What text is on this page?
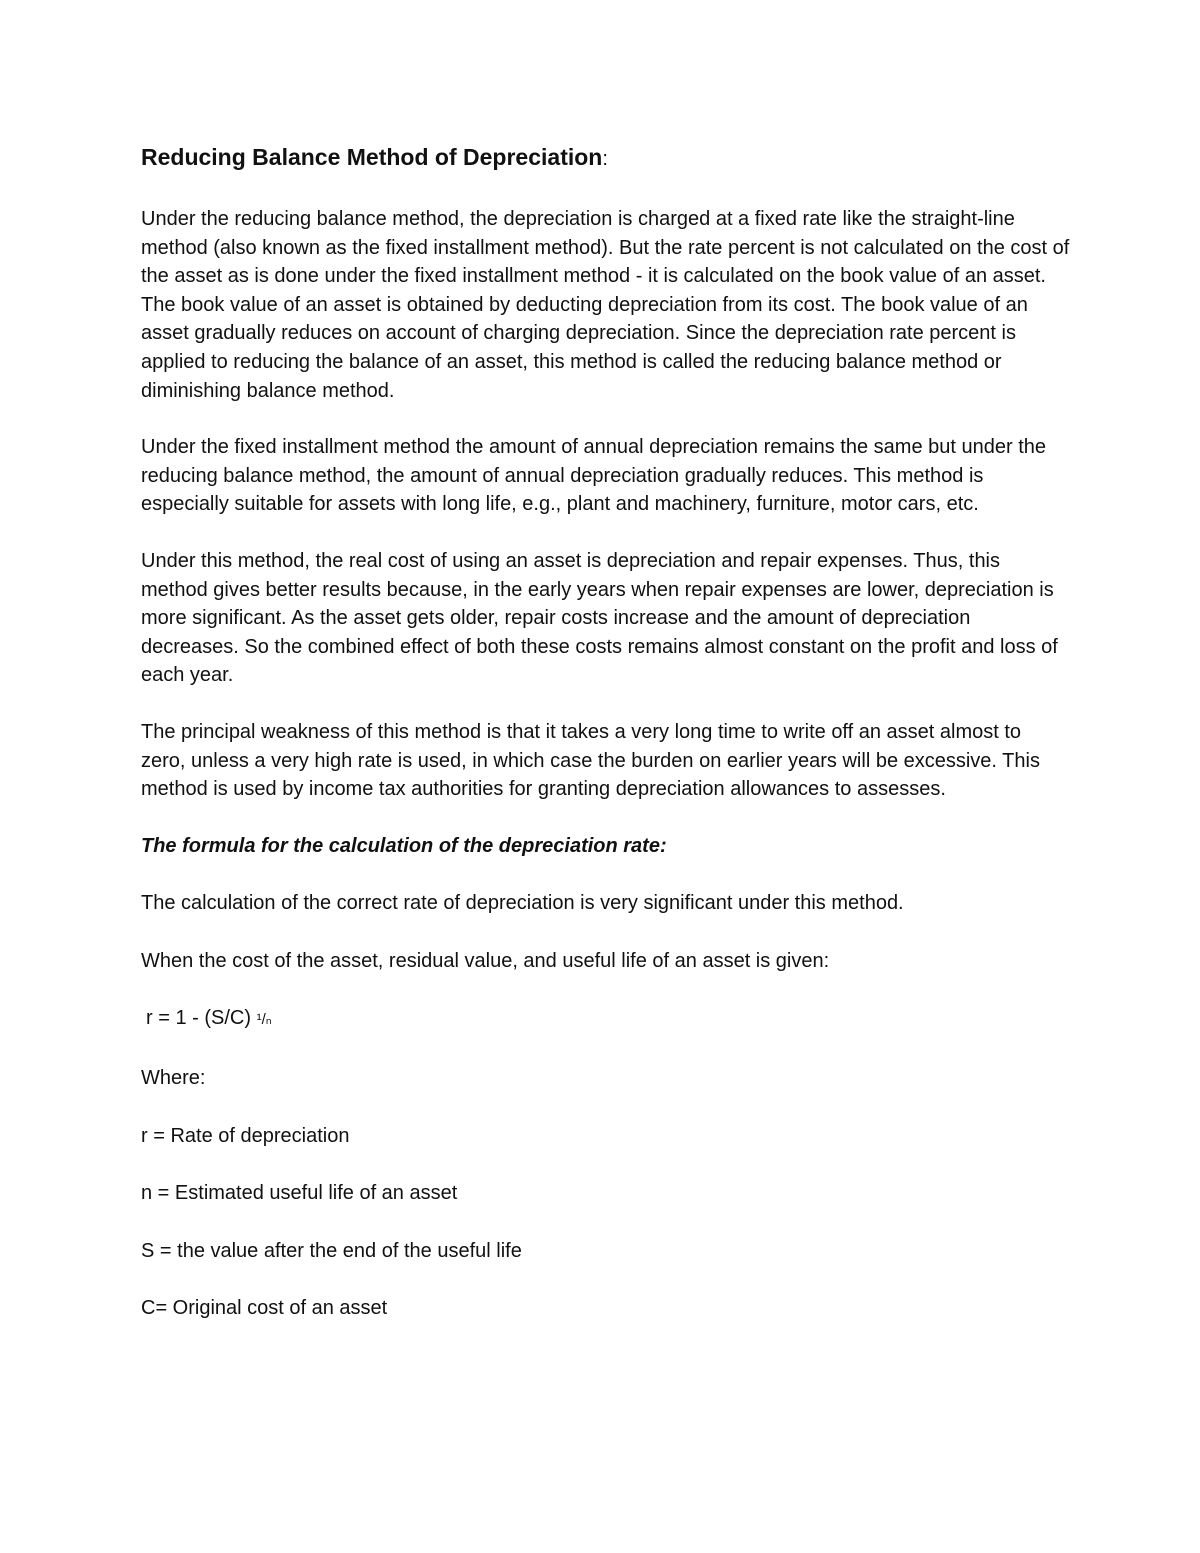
Reducing Balance Method of Depreciation:

Under the reducing balance method, the depreciation is charged at a fixed rate like the straight-line method (also known as the fixed installment method). But the rate percent is not calculated on the cost of the asset as is done under the fixed installment method - it is calculated on the book value of an asset. The book value of an asset is obtained by deducting depreciation from its cost. The book value of an asset gradually reduces on account of charging depreciation. Since the depreciation rate percent is applied to reducing the balance of an asset, this method is called the reducing balance method or diminishing balance method.

Under the fixed installment method the amount of annual depreciation remains the same but under the reducing balance method, the amount of annual depreciation gradually reduces. This method is especially suitable for assets with long life, e.g., plant and machinery, furniture, motor cars, etc.

Under this method, the real cost of using an asset is depreciation and repair expenses. Thus, this method gives better results because, in the early years when repair expenses are lower, depreciation is more significant. As the asset gets older, repair costs increase and the amount of depreciation decreases. So the combined effect of both these costs remains almost constant on the profit and loss of each year.

The principal weakness of this method is that it takes a very long time to write off an asset almost to zero, unless a very high rate is used, in which case the burden on earlier years will be excessive. This method is used by income tax authorities for granting depreciation allowances to assesses.

The formula for the calculation of the depreciation rate:

The calculation of the correct rate of depreciation is very significant under this method.

When the cost of the asset, residual value, and useful life of an asset is given:

r = 1 - (S/C) ¹/ₙ

Where:

r = Rate of depreciation

n = Estimated useful life of an asset

S = the value after the end of the useful life

C= Original cost of an asset
